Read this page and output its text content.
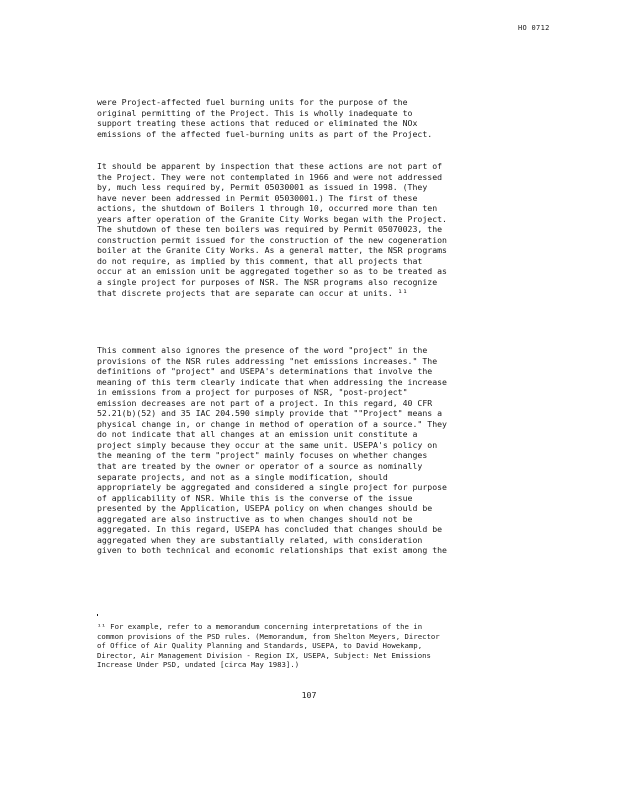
HO 0712
were Project-affected fuel burning units for the purpose of the
original permitting of the Project. This is wholly inadequate to
support treating these actions that reduced or eliminated the NOx
emissions of the affected fuel-burning units as part of the Project.
It should be apparent by inspection that these actions are not part of
the Project. They were not contemplated in 1966 and were not addressed
by, much less required by, Permit 05030001 as issued in 1998. (They
have never been addressed in Permit 05030001.) The first of these
actions, the shutdown of Boilers 1 through 10, occurred more than ten
years after operation of the Granite City Works began with the Project.
The shutdown of these ten boilers was required by Permit 05070023, the
construction permit issued for the construction of the new cogeneration
boiler at the Granite City Works. As a general matter, the NSR programs
do not require, as implied by this comment, that all projects that
occur at an emission unit be aggregated together so as to be treated as
a single project for purposes of NSR. The NSR programs also recognize
that discrete projects that are separate can occur at units. ¹¹
This comment also ignores the presence of the word "project" in the
provisions of the NSR rules addressing "net emissions increases." The
definitions of "project" and USEPA's determinations that involve the
meaning of this term clearly indicate that when addressing the increase
in emissions from a project for purposes of NSR, "post-project"
emission decreases are not part of a project. In this regard, 40 CFR
52.21(b)(52) and 35 IAC 204.590 simply provide that ""Project" means a
physical change in, or change in method of operation of a source." They
do not indicate that all changes at an emission unit constitute a
project simply because they occur at the same unit. USEPA's policy on
the meaning of the term "project" mainly focuses on whether changes
that are treated by the owner or operator of a source as nominally
separate projects, and not as a single modification, should
appropriately be aggregated and considered a single project for purpose
of applicability of NSR. While this is the converse of the issue
presented by the Application, USEPA policy on when changes should be
aggregated are also instructive as to when changes should not be
aggregated. In this regard, USEPA has concluded that changes should be
aggregated when they are substantially related, with consideration
given to both technical and economic relationships that exist among the
¹¹ For example, refer to a memorandum concerning interpretations of the in
common provisions of the PSD rules. (Memorandum, from Shelton Meyers, Director
of Office of Air Quality Planning and Standards, USEPA, to David Howekamp,
Director, Air Management Division - Region IX, USEPA, Subject: Net Emissions
Increase Under PSD, undated [circa May 1983].)
107
